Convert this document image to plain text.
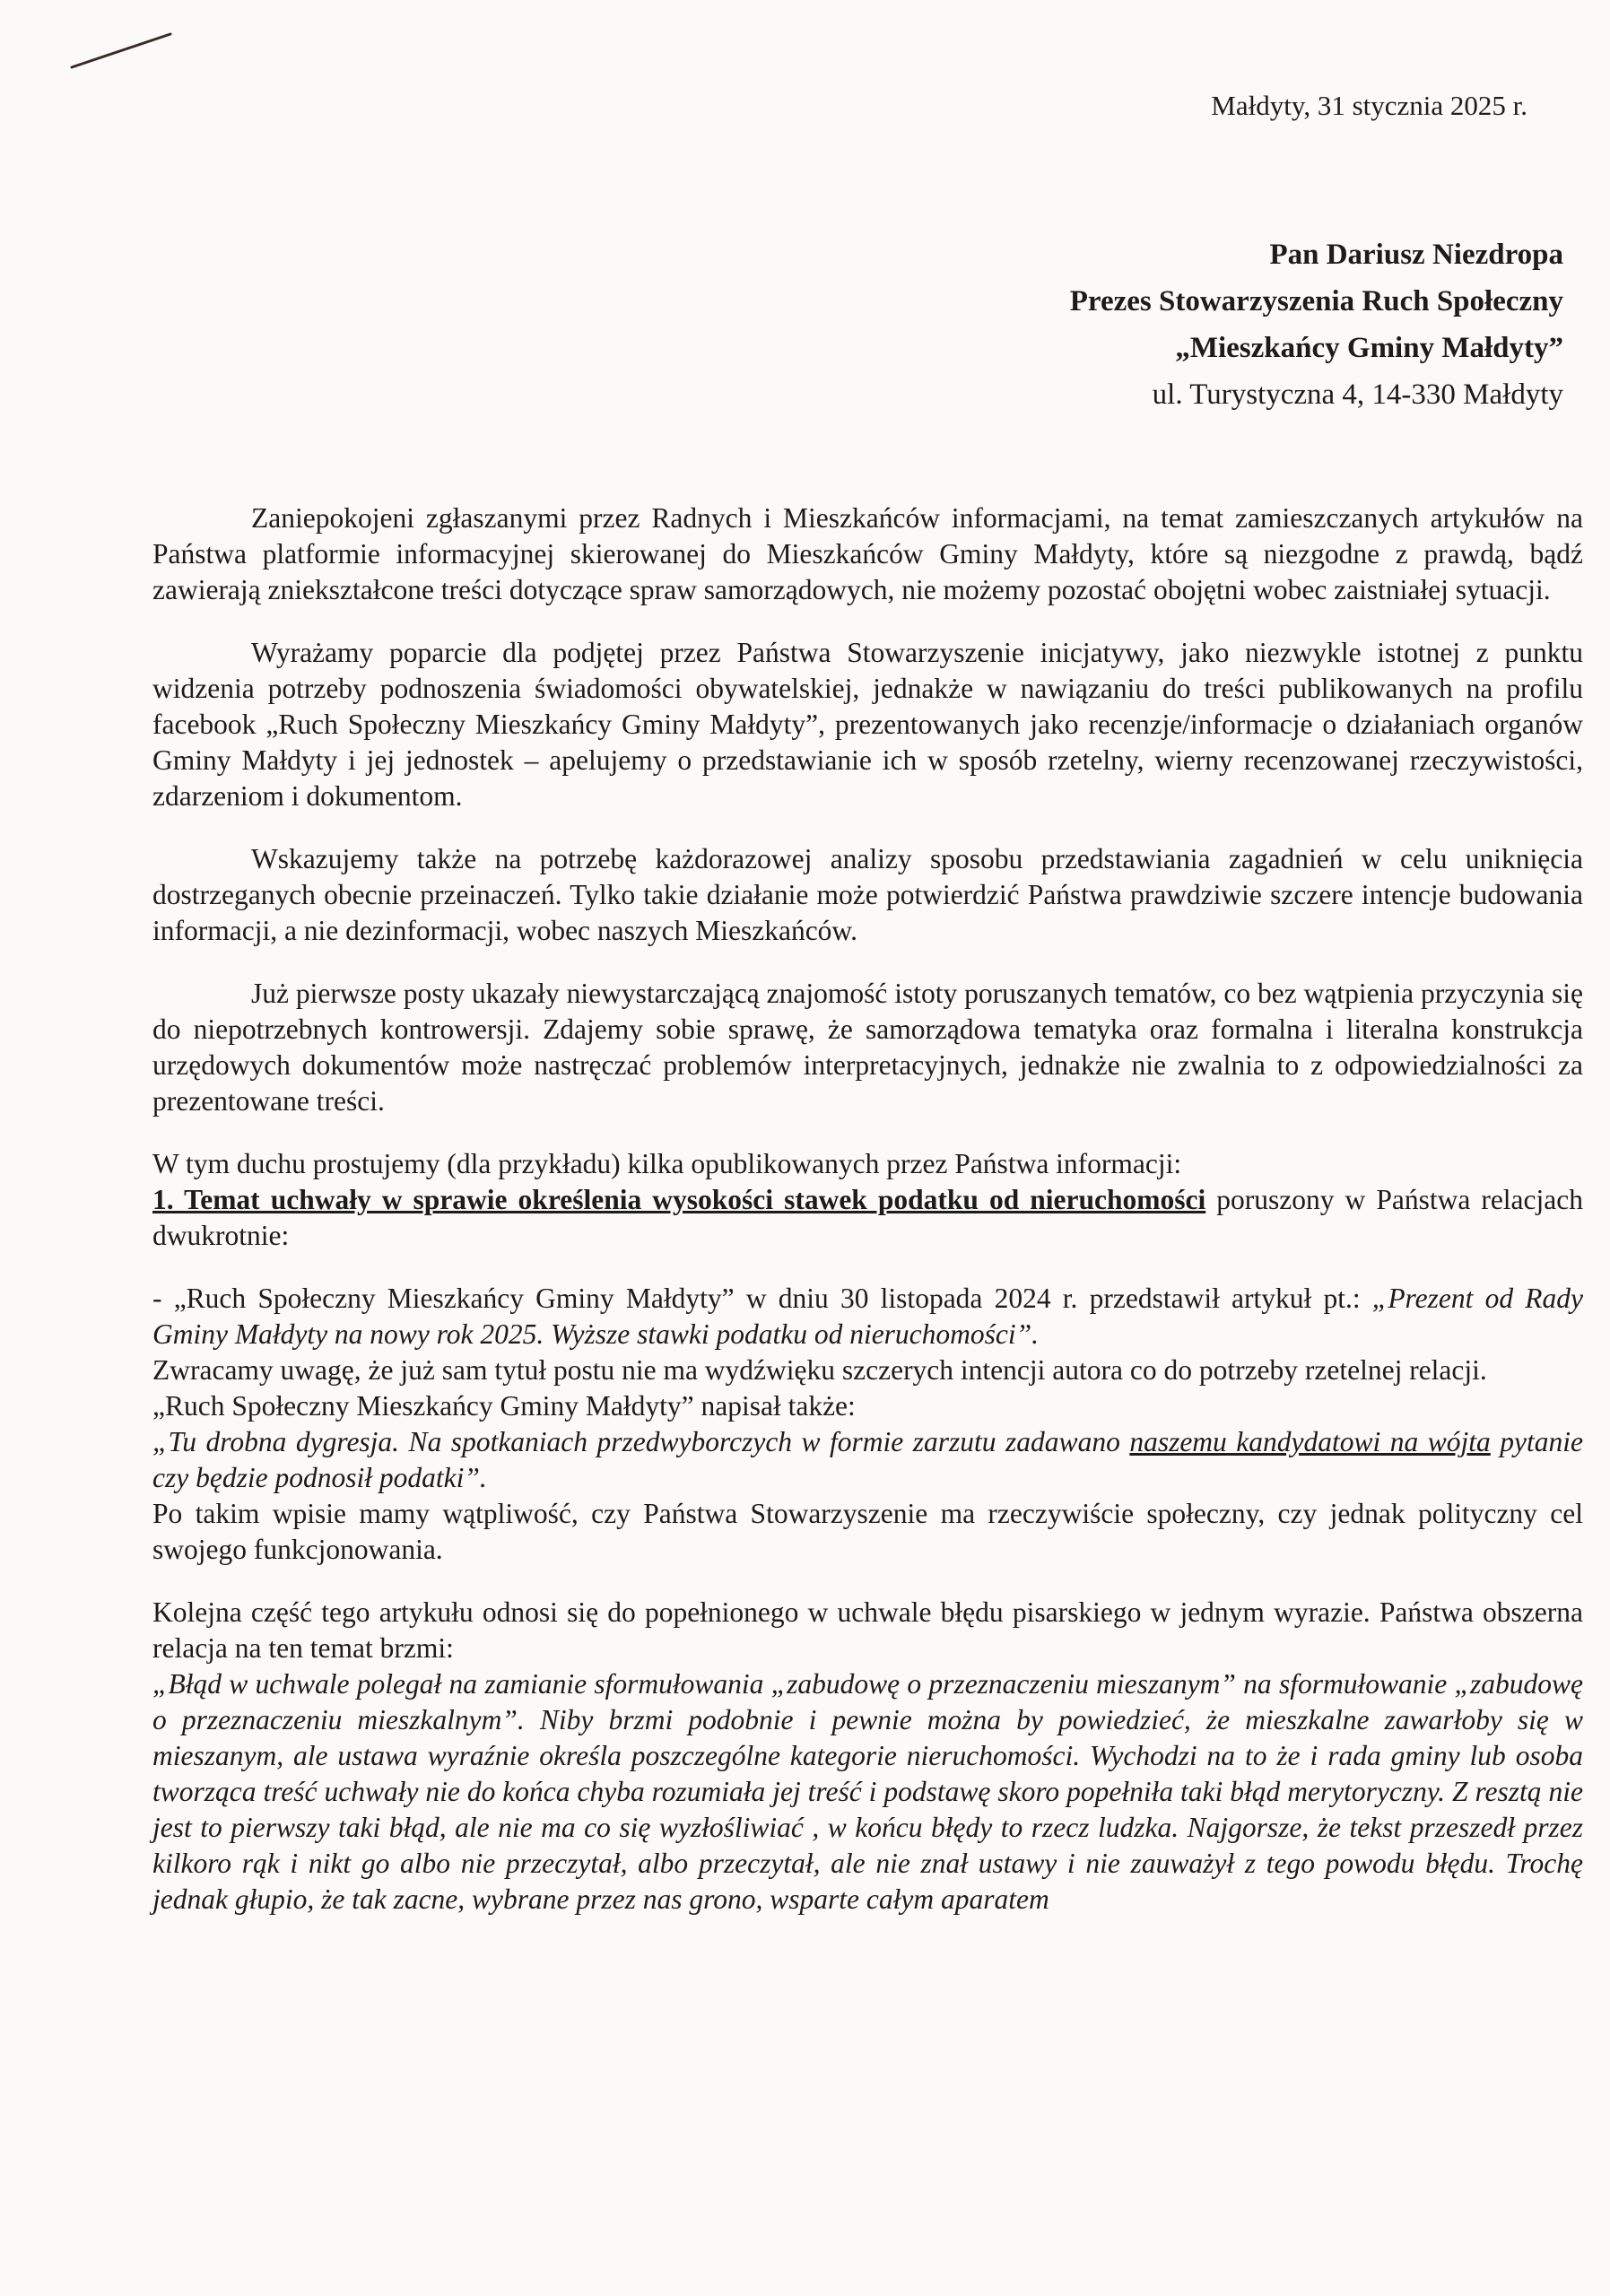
Małdyty, 31 stycznia 2025 r.
Pan Dariusz Niezdropa
Prezes Stowarzyszenia Ruch Społeczny
„Mieszkańcy Gminy Małdyty”
ul. Turystyczna 4, 14-330 Małdyty

Zaniepokojeni zgłaszanymi przez Radnych i Mieszkańców informacjami, na temat zamieszczanych artykułów na Państwa platformie informacyjnej skierowanej do Mieszkańców Gminy Małdyty, które są niezgodne z prawdą, bądź zawierają zniekształcone treści dotyczące spraw samorządowych, nie możemy pozostać obojętni wobec zaistniałej sytuacji.

Wyrażamy poparcie dla podjętej przez Państwa Stowarzyszenie inicjatywy, jako niezwykle istotnej z punktu widzenia potrzeby podnoszenia świadomości obywatelskiej, jednakże w nawiązaniu do treści publikowanych na profilu facebook „Ruch Społeczny Mieszkańcy Gminy Małdyty”, prezentowanych jako recenzje/informacje o działaniach organów Gminy Małdyty i jej jednostek – apelujemy o przedstawianie ich w sposób rzetelny, wierny recenzowanej rzeczywistości, zdarzeniom i dokumentom.

Wskazujemy także na potrzebę każdorazowej analizy sposobu przedstawiania zagadnień w celu uniknięcia dostrzeganych obecnie przeinaczeń. Tylko takie działanie może potwierdzić Państwa prawdziwie szczere intencje budowania informacji, a nie dezinformacji, wobec naszych Mieszkańców.

Już pierwsze posty ukazały niewystarczającą znajomość istoty poruszanych tematów, co bez wątpienia przyczynia się do niepotrzebnych kontrowersji. Zdajemy sobie sprawę, że samorządowa tematyka oraz formalna i literalna konstrukcja urzędowych dokumentów może nastręczać problemów interpretacyjnych, jednakże nie zwalnia to z odpowiedzialności za prezentowane treści.

W tym duchu prostujemy (dla przykładu) kilka opublikowanych przez Państwa informacji:

1. Temat uchwały w sprawie określenia wysokości stawek podatku od nieruchomości poruszony w Państwa relacjach dwukrotnie:

- „Ruch Społeczny Mieszkańcy Gminy Małdyty” w dniu 30 listopada 2024 r. przedstawił artykuł pt.: „Prezent od Rady Gminy Małdyty na nowy rok 2025. Wyższe stawki podatku od nieruchomości”.

Zwracamy uwagę, że już sam tytuł postu nie ma wydźwięku szczerych intencji autora co do potrzeby rzetelnej relacji.

„Ruch Społeczny Mieszkańcy Gminy Małdyty” napisał także:

„Tu drobna dygresja. Na spotkaniach przedwyborczych w formie zarzutu zadawano naszemu kandydatowi na wójta pytanie czy będzie podnosił podatki”.

Po takim wpisie mamy wątpliwość, czy Państwa Stowarzyszenie ma rzeczywiście społeczny, czy jednak polityczny cel swojego funkcjonowania.

Kolejna część tego artykułu odnosi się do popełnionego w uchwale błędu pisarskiego w jednym wyrazie. Państwa obszerna relacja na ten temat brzmi:

„Błąd w uchwale polegał na zamianie sformułowania „zabudowę o przeznaczeniu mieszanym” na sformułowanie „zabudowę o przeznaczeniu mieszkalnym”. Niby brzmi podobnie i pewnie można by powiedzieć, że mieszkalne zawarłoby się w mieszanym, ale ustawa wyraźnie określa poszczególne kategorie nieruchomości. Wychodzi na to że i rada gminy lub osoba tworząca treść uchwały nie do końca chyba rozumiała jej treść i podstawę skoro popełniła taki błąd merytoryczny. Z resztą nie jest to pierwszy taki błąd, ale nie ma co się wyzłośliwiać , w końcu błędy to rzecz ludzka. Najgorsze, że tekst przeszedł przez kilkoro rąk i nikt go albo nie przeczytał, albo przeczytał, ale nie znał ustawy i nie zauważył z tego powodu błędu. Trochę jednak głupio, że tak zacne, wybrane przez nas grono, wsparte całym aparatem
